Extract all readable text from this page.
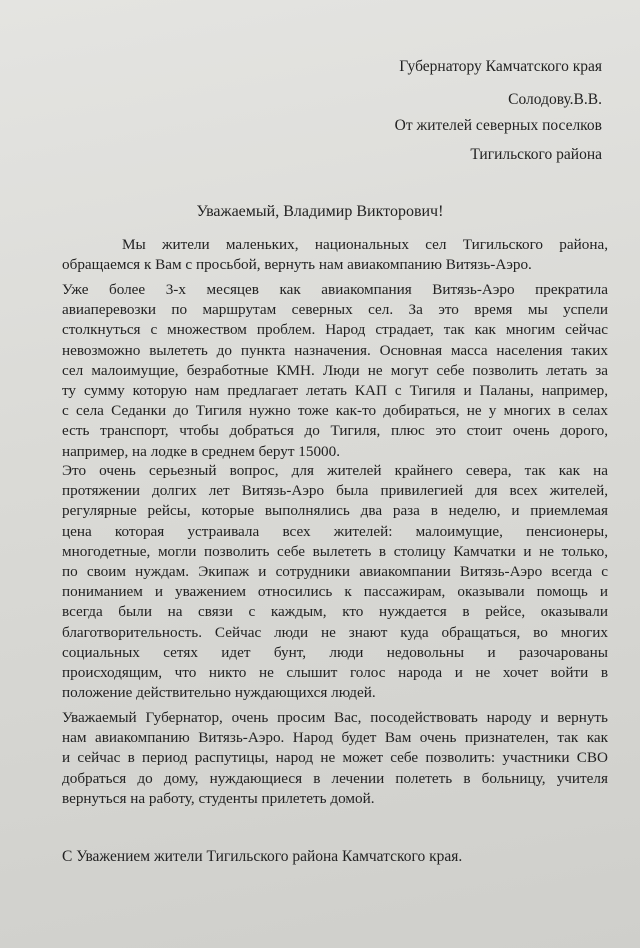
Губернатору Камчатского края
Солодову.В.В.
От жителей северных поселков
Тигильского района
Уважаемый, Владимир Викторович!
Мы жители маленьких, национальных сел Тигильского района,
обращаемся к Вам с просьбой, вернуть нам авиакомпанию Витязь-Аэро.
Уже более 3-х месяцев как авиакомпания Витязь-Аэро прекратила
авиаперевозки по маршрутам северных сел. За это время мы успели
столкнуться с множеством проблем. Народ страдает, так как многим сейчас
невозможно вылететь до пункта назначения. Основная масса населения таких
сел малоимущие, безработные КМН. Люди не могут себе позволить летать за
ту сумму которую нам предлагает летать КАП с Тигиля и Паланы, например,
с села Седанки до Тигиля нужно тоже как-то добираться, не у многих в селах
есть транспорт, чтобы добраться до Тигиля, плюс это стоит очень дорого,
например, на лодке в среднем берут 15000.
Это очень серьезный вопрос, для жителей крайнего севера, так как на
протяжении долгих лет Витязь-Аэро была привилегией для всех жителей,
регулярные рейсы, которые выполнялись два раза в неделю, и приемлемая
цена которая устраивала всех жителей: малоимущие, пенсионеры,
многодетные, могли позволить себе вылететь в столицу Камчатки и не только,
по своим нуждам. Экипаж и сотрудники авиакомпании Витязь-Аэро всегда с
пониманием и уважением относились к пассажирам, оказывали помощь и
всегда были на связи с каждым, кто нуждается в рейсе, оказывали
благотворительность. Сейчас люди не знают куда обращаться, во многих
социальных сетях идет бунт, люди недовольны и разочарованы
происходящим, что никто не слышит голос народа и не хочет войти в
положение действительно нуждающихся людей.
Уважаемый Губернатор, очень просим Вас, посодействовать народу и вернуть
нам авиакомпанию Витязь-Аэро. Народ будет Вам очень признателен, так как
и сейчас в период распутицы, народ не может себе позволить: участники СВО
добраться до дому, нуждающиеся в лечении полететь в больницу, учителя
вернуться на работу, студенты прилететь домой.
С Уважением жители Тигильского района Камчатского края.
